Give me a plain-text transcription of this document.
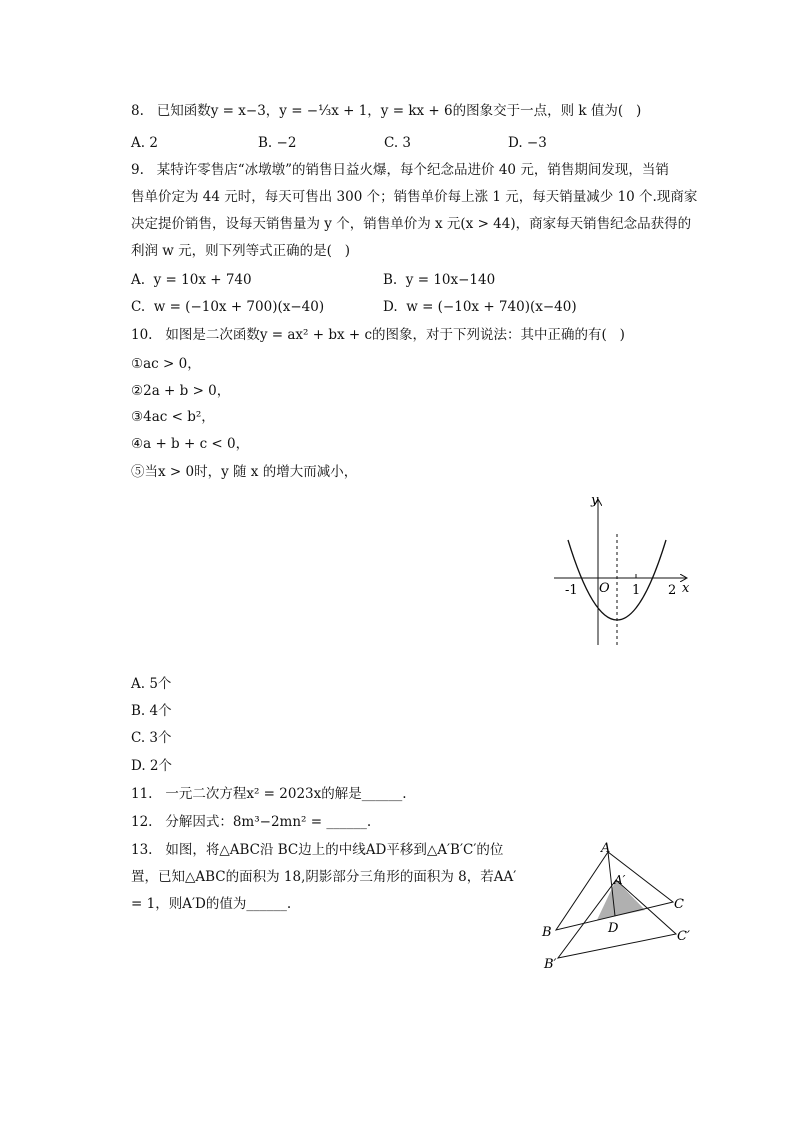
8.   已知函数y = x−3，y = −⅓x + 1，y = kx + 6的图象交于一点，则 k 值为(   )
A. 2	B. −2	C. 3	D. −3
9.   某特许零售店“冰墩墩”的销售日益火爆，每个纪念品进价 40 元，销售期间发现，当销
售单价定为 44 元时，每天可售出 300 个；销售单价每上涨 1 元，每天销量减少 10 个.现商家
决定提价销售，设每天销售量为 y 个，销售单价为 x 元(x > 44)，商家每天销售纪念品获得的
利润 w 元，则下列等式正确的是(   )
A.  y = 10x + 740	B.  y = 10x−140
C.  w = (−10x + 700)(x−40)	D.  w = (−10x + 740)(x−40)
10.   如图是二次函数y = ax² + bx + c的图象，对于下列说法：其中正确的有(   )
①ac > 0，
②2a + b > 0，
③4ac < b²，
④a + b + c < 0，
⑤当x > 0时，y 随 x 的增大而减小，
y
x
O
-1	1 2
A. 5个
B. 4个
C. 3个
D. 2个
11.   一元二次方程x² = 2023x的解是______.
12.   分解因式：8m³−2mn² = ______.
13.   如图，将△ABC沿 BC边上的中线AD平移到△A′B′C′的位
置，已知△ABC的面积为 18,阴影部分三角形的面积为 8，若AA′
= 1，则A′D的值为______.
A
A′
B
B′
C
C′
D
